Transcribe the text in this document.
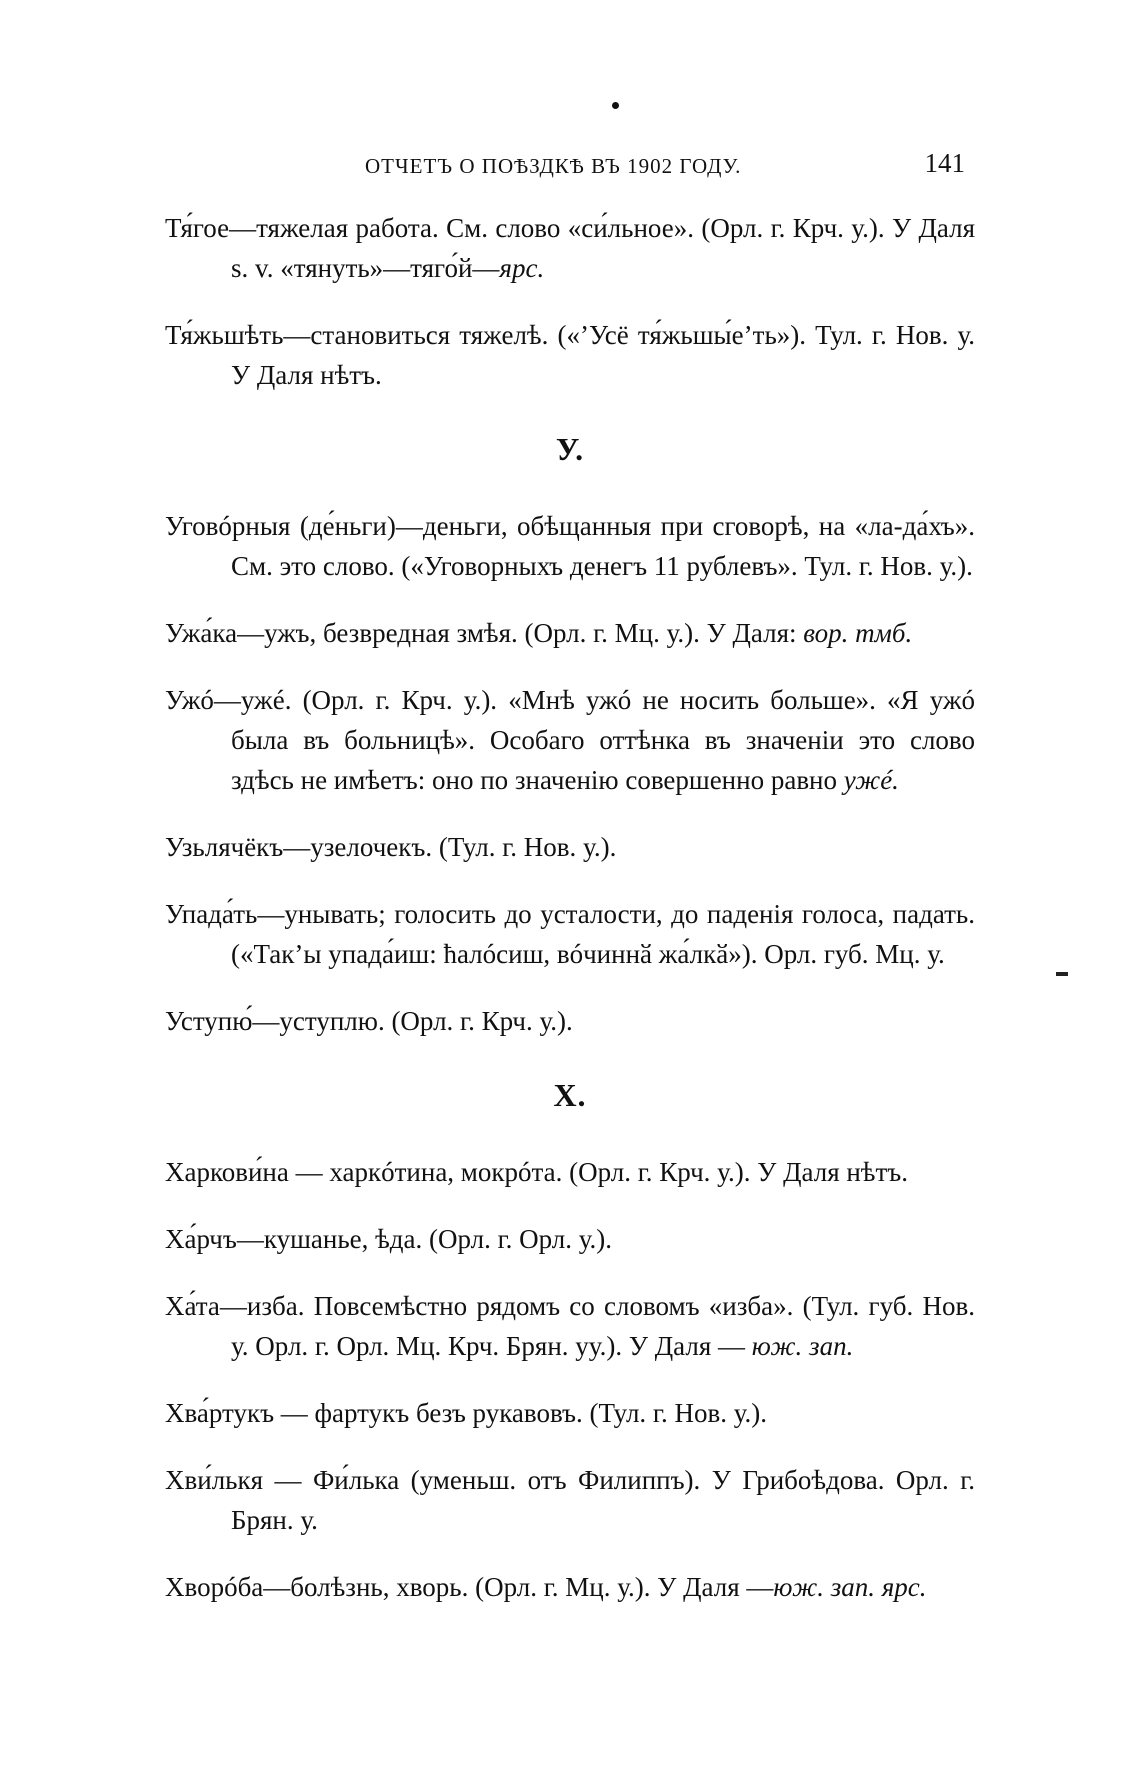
ОТЧЕТЪ О ПОѢЗДКѢ ВЪ 1902 ГОДУ.	141

Тя́гое—тяжелая работа. См. слово «си́льное». (Орл. г. Крч. у.). У Даля s. v. «тянуть»—тяго́й—ярс.

Тя́жьшѣть—становиться тяжелѣ. («’Усё тя́жьшы́е’ть»). Тул. г. Нов. у. У Даля нѣтъ.

У.

Уговóрныя (де́ньги)—деньги, обѣщанныя при сговорѣ, на «ла-да́хъ». См. это слово. («Уговорныхъ денегъ 11 рублевъ». Тул. г. Нов. у.).

Ужа́ка—ужъ, безвредная змѣя. (Орл. г. Мц. у.). У Даля: вор. тмб.

Ужó—ужé. (Орл. г. Крч. у.). «Мнѣ ужó не носить больше». «Я ужó была въ больницѣ». Особаго оттѣнка въ значеніи это слово здѣсь не имѣетъ: оно по значенію совершенно равно ужé.

Узьлячёкъ—узелочекъ. (Тул. г. Нов. у.).

Упада́ть—унывать; голосить до усталости, до паденія голоса, падать. («Так’ы упада́иш: ћалóсиш, вóчиннӑ жа́лкӑ»). Орл. губ. Мц. у.

Уступю́—уступлю. (Орл. г. Крч. у.).

Х.

Харкови́на — харкóтина, мокрóта. (Орл. г. Крч. у.). У Даля нѣтъ.

Ха́рчъ—кушанье, ѣда. (Орл. г. Орл. у.).

Ха́та—изба. Повсемѣстно рядомъ со словомъ «изба». (Тул. губ. Нов. у. Орл. г. Орл. Мц. Крч. Брян. уу.). У Даля — юж. зап.

Хва́ртукъ — фартукъ безъ рукавовъ. (Тул. г. Нов. у.).

Хви́лькя — Фи́лька (уменьш. отъ Филиппъ). У Грибоѣдова. Орл. г. Брян. у.

Хворóба—болѣзнь, хворь. (Орл. г. Мц. у.). У Даля —юж. зап. ярс.
